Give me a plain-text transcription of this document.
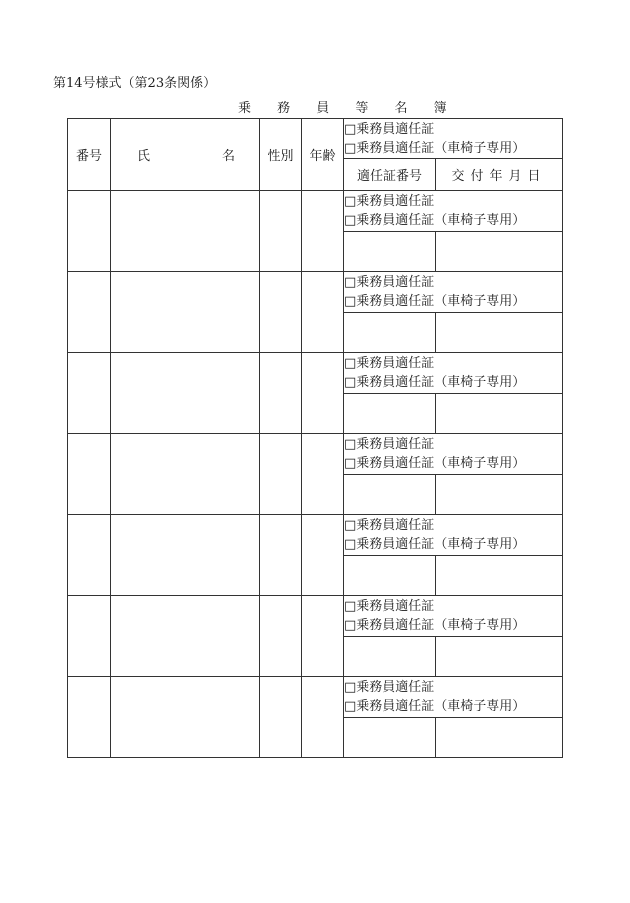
第14号様式（第23条関係）
乗 務 員 等 名 簿
番号	氏 名	性別	年齢	□乗務員適任証
□乗務員適任証（車椅子専用）	

				適任証番号	交付年月日

				□乗務員適任証
□乗務員適任証（車椅子専用）	

				□乗務員適任証
□乗務員適任証（車椅子専用）	

				□乗務員適任証
□乗務員適任証（車椅子専用）	

				□乗務員適任証
□乗務員適任証（車椅子専用）	

				□乗務員適任証
□乗務員適任証（車椅子専用）	

				□乗務員適任証
□乗務員適任証（車椅子専用）	

				□乗務員適任証
□乗務員適任証（車椅子専用）	
